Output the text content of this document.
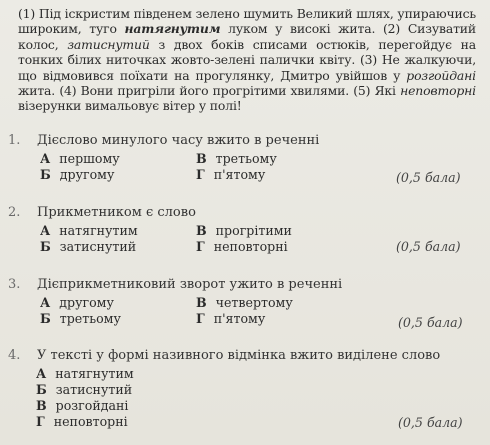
(1) Під іскристим південем зелено шумить Великий шлях, упираючись широким, туго натягнутим луком у високі жита. (2) Сизуватий колос, затиснутий з двох боків списами остюків, перегойдує на тонких білих ниточках жовто-зелені палички квіту. (3) Не жалкуючи, що відмовився поїхати на прогулянку, Дмитро увійшов у розгойдані жита. (4) Вони пригріли його прогрітими хвилями. (5) Які неповторні візерунки вимальовує вітер у полі!
1. Дієслово минулого часу вжито в реченні
А першому	В третьому
Б другому	Г п'ятому	(0,5 бала)
2. Прикметником є слово
А натягнутим	В прогрітими
Б затиснутий	Г неповторні	(0,5 бала)
3. Дієприкметниковий зворот ужито в реченні
А другому	В четвертому
Б третьому	Г п'ятому	(0,5 бала)
4. У тексті у формі називного відмінка вжито виділене слово
А натягнутим
Б затиснутий
В розгойдані
Г неповторні	(0,5 бала)
